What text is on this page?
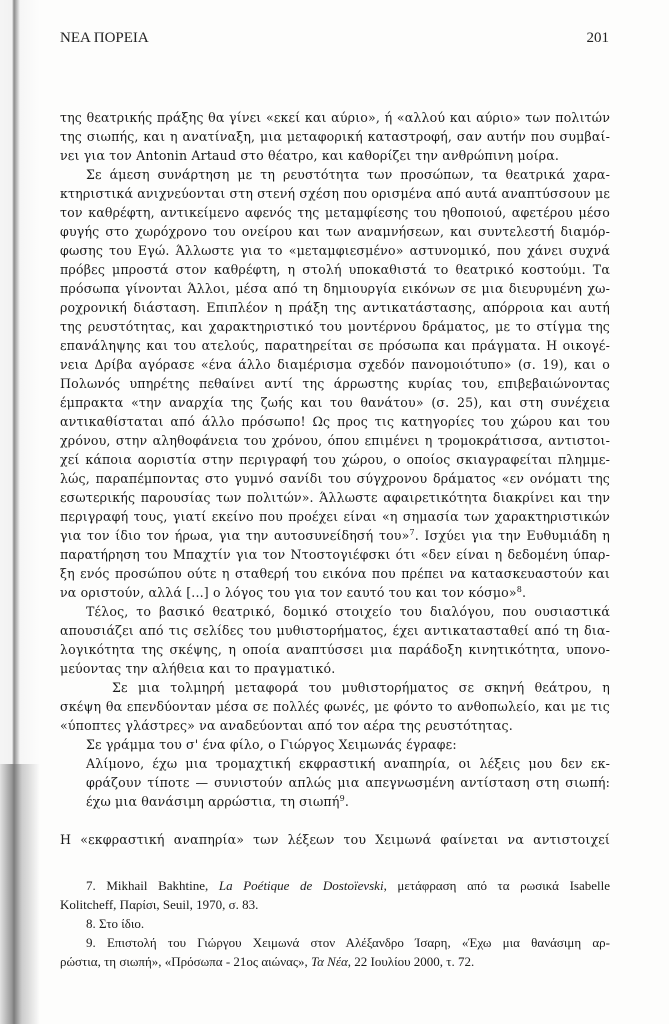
ΝΕΑ ΠΟΡΕΙΑ	201
της θεατρικής πράξης θα γίνει «εκεί και αύριο», ή «αλλού και αύριο» των πολιτών
της σιωπής, και η ανατίναξη, μια μεταφορική καταστροφή, σαν αυτήν που συμβαί-
νει για τον Antonin Artaud στο θέατρο, και καθορίζει την ανθρώπινη μοίρα.
Σε άμεση συνάρτηση με τη ρευστότητα των προσώπων, τα θεατρικά χαρα-
κτηριστικά ανιχνεύονται στη στενή σχέση που ορισμένα από αυτά αναπτύσσουν με
τον καθρέφτη, αντικείμενο αφενός της μεταμφίεσης του ηθοποιού, αφετέρου μέσο
φυγής στο χωρόχρονο του ονείρου και των αναμνήσεων, και συντελεστή διαμόρ-
φωσης του Εγώ. Άλλωστε για το «μεταμφιεσμένο» αστυνομικό, που χάνει συχνά
πρόβες μπροστά στον καθρέφτη, η στολή υποκαθιστά το θεατρικό κοστούμι. Τα
πρόσωπα γίνονται Άλλοι, μέσα από τη δημιουργία εικόνων σε μια διευρυμένη χω-
ροχρονική διάσταση. Επιπλέον η πράξη της αντικατάστασης, απόρροια και αυτή
της ρευστότητας, και χαρακτηριστικό του μοντέρνου δράματος, με το στίγμα της
επανάληψης και του ατελούς, παρατηρείται σε πρόσωπα και πράγματα. Η οικογέ-
νεια Δρίβα αγόρασε «ένα άλλο διαμέρισμα σχεδόν πανομοιότυπο» (σ. 19), και ο
Πολωνός υπηρέτης πεθαίνει αντί της άρρωστης κυρίας του, επιβεβαιώνοντας
έμπρακτα «την αναρχία της ζωής και του θανάτου» (σ. 25), και στη συνέχεια
αντικαθίσταται από άλλο πρόσωπο! Ως προς τις κατηγορίες του χώρου και του
χρόνου, στην αληθοφάνεια του χρόνου, όπου επιμένει η τρομοκράτισσα, αντιστοι-
χεί κάποια αοριστία στην περιγραφή του χώρου, ο οποίος σκιαγραφείται πλημμε-
λώς, παραπέμποντας στο γυμνό σανίδι του σύγχρονου δράματος «εν ονόματι της
εσωτερικής παρουσίας των πολιτών». Άλλωστε αφαιρετικότητα διακρίνει και την
περιγραφή τους, γιατί εκείνο που προέχει είναι «η σημασία των χαρακτηριστικών
για τον ίδιο τον ήρωα, για την αυτοσυνείδησή του»$^7$. Ισχύει για την Ευθυμιάδη η
παρατήρηση του Μπαχτίν για τον Ντοστογιέφσκι ότι «δεν είναι η δεδομένη ύπαρ-
ξη ενός προσώπου ούτε η σταθερή του εικόνα που πρέπει να κατασκευαστούν και
να οριστούν, αλλά [...] ο λόγος του για τον εαυτό του και τον κόσμο»$^8$.
Τέλος, το βασικό θεατρικό, δομικό στοιχείο του διαλόγου, που ουσιαστικά
απουσιάζει από τις σελίδες του μυθιστορήματος, έχει αντικατασταθεί από τη δια-
λογικότητα της σκέψης, η οποία αναπτύσσει μια παράδοξη κινητικότητα, υπονο-
μεύοντας την αλήθεια και το πραγματικό.
Σε μια τολμηρή μεταφορά του μυθιστορήματος σε σκηνή θεάτρου, η
σκέψη θα επενδύονταν μέσα σε πολλές φωνές, με φόντο το ανθοπωλείο, και με τις
«ύποπτες γλάστρες» να αναδεύονται από τον αέρα της ρευστότητας.
Σε γράμμα του σ' ένα φίλο, ο Γιώργος Χειμωνάς έγραφε:
Αλίμονο, έχω μια τρομαχτική εκφραστική αναπηρία, οι λέξεις μου δεν εκ-
φράζουν τίποτε — συνιστούν απλώς μια απεγνωσμένη αντίσταση στη σιωπή:
έχω μια θανάσιμη αρρώστια, τη σιωπή$^9$.
Η «εκφραστική αναπηρία» των λέξεων του Χειμωνά φαίνεται να αντιστοιχεί
7. Mikhail Bakhtine, La Poétique de Dostoïevski, μετάφραση από τα ρωσικά Isabelle
Kolitcheff, Παρίσι, Seuil, 1970, σ. 83.
8. Στο ίδιο.
9. Επιστολή του Γιώργου Χειμωνά στον Αλέξανδρο Ίσαρη, «Έχω μια θανάσιμη αρ-
ρώστια, τη σιωπή», «Πρόσωπα - 21ος αιώνας», Τα Νέα, 22 Ιουλίου 2000, τ. 72.
